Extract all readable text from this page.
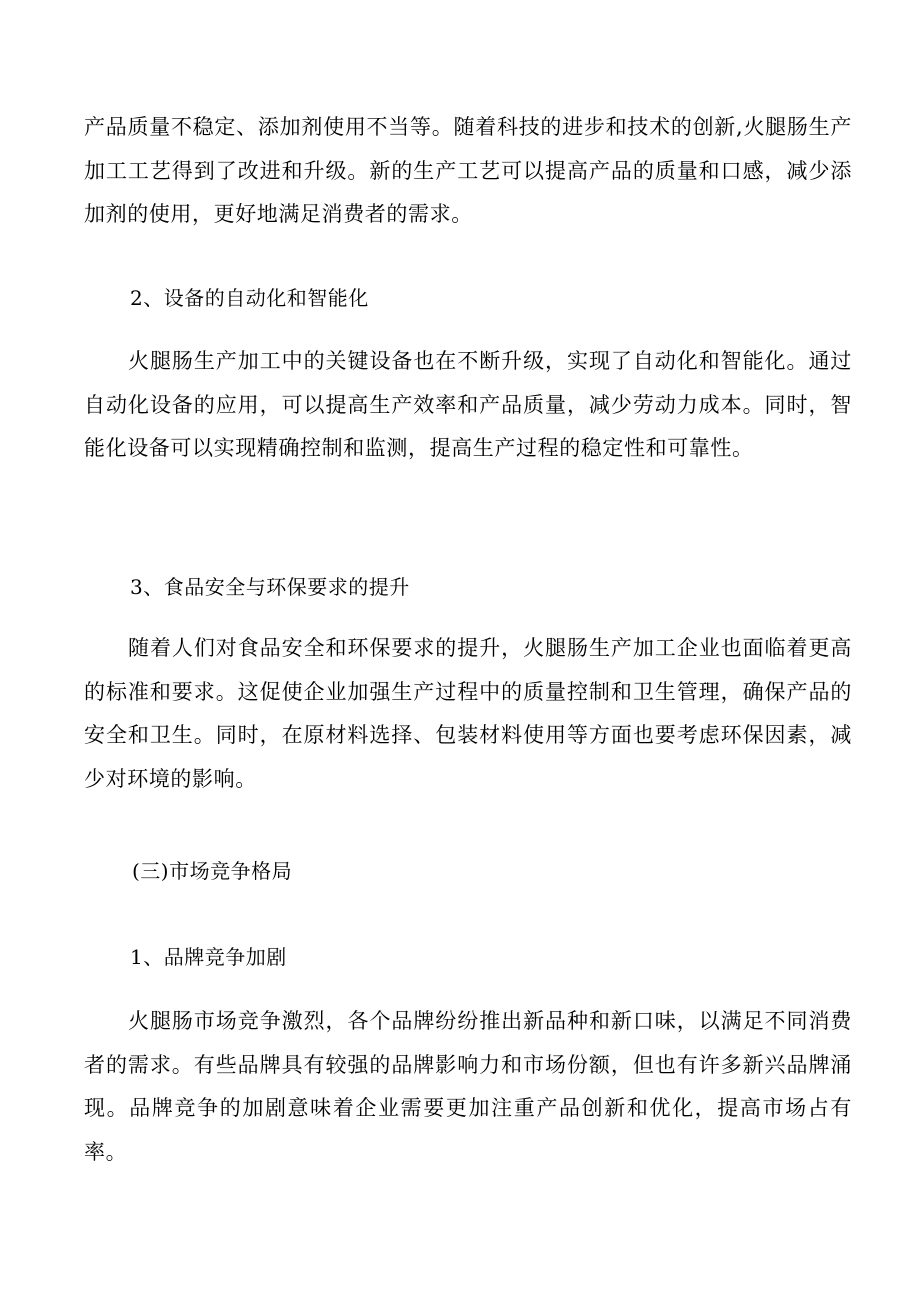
产品质量不稳定、添加剂使用不当等。随着科技的进步和技术的创新,火腿肠生产加工工艺得到了改进和升级。新的生产工艺可以提高产品的质量和口感，减少添加剂的使用，更好地满足消费者的需求。

2、设备的自动化和智能化

火腿肠生产加工中的关键设备也在不断升级，实现了自动化和智能化。通过自动化设备的应用，可以提高生产效率和产品质量，减少劳动力成本。同时，智能化设备可以实现精确控制和监测，提高生产过程的稳定性和可靠性。

3、食品安全与环保要求的提升

随着人们对食品安全和环保要求的提升，火腿肠生产加工企业也面临着更高的标准和要求。这促使企业加强生产过程中的质量控制和卫生管理，确保产品的安全和卫生。同时，在原材料选择、包装材料使用等方面也要考虑环保因素，减少对环境的影响。

(三)市场竞争格局

1、品牌竞争加剧

火腿肠市场竞争激烈，各个品牌纷纷推出新品种和新口味，以满足不同消费者的需求。有些品牌具有较强的品牌影响力和市场份额，但也有许多新兴品牌涌现。品牌竞争的加剧意味着企业需要更加注重产品创新和优化，提高市场占有率。
